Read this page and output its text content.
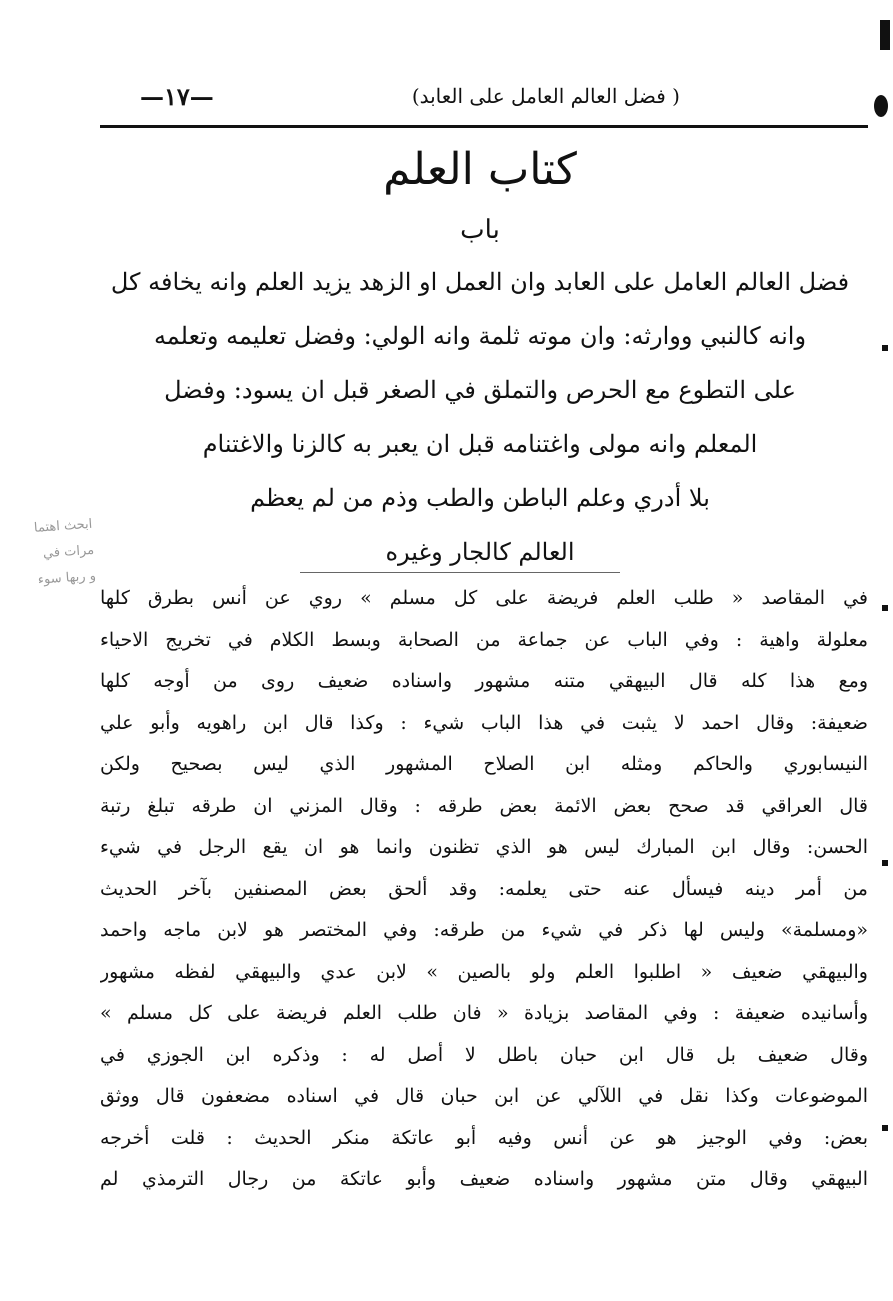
( فضل العالم العامل على العابد)
—١٧—
كتاب العلم
باب
فضل العالم العامل على العابد وان العمل او الزهد يزيد العلم وانه يخافه كل
وانه كالنبي ووارثه: وان موته ثلمة وانه الولي: وفضل تعليمه وتعلمه
على التطوع مع الحرص والتملق في الصغر قبل ان يسود: وفضل
المعلم وانه مولى واغتنامه قبل ان يعبر به كالزنا والاغتنام
بلا أدري وعلم الباطن والطب وذم من لم يعظم
العالم كالجار وغيره
ابحث اهتما
مرات في
و ربها سوء
في المقاصد « طلب العلم فريضة على كل مسلم » روي عن أنس بطرق كلها
معلولة واهية : وفي الباب عن جماعة من الصحابة وبسط الكلام في تخريج الاحياء
ومع هذا كله قال البيهقي متنه مشهور واسناده ضعيف روى من أوجه كلها
ضعيفة: وقال احمد لا يثبت في هذا الباب شيء : وكذا قال ابن راهويه وأبو علي
النيسابوري والحاكم ومثله ابن الصلاح المشهور الذي ليس بصحيح ولكن
قال العراقي قد صحح بعض الائمة بعض طرقه : وقال المزني ان طرقه تبلغ رتبة
الحسن: وقال ابن المبارك ليس هو الذي تظنون وانما هو ان يقع الرجل في شيء
من أمر دينه فيسأل عنه حتى يعلمه: وقد ألحق بعض المصنفين بآخر الحديث
«ومسلمة» وليس لها ذكر في شيء من طرقه: وفي المختصر هو لابن ماجه واحمد
والبيهقي ضعيف « اطلبوا العلم ولو بالصين » لابن عدي والبيهقي لفظه مشهور
وأسانيده ضعيفة : وفي المقاصد بزيادة « فان طلب العلم فريضة على كل مسلم »
وقال ضعيف بل قال ابن حبان باطل لا أصل له : وذكره ابن الجوزي في
الموضوعات وكذا نقل في اللآلي عن ابن حبان قال في اسناده مضعفون قال ووثق
بعض: وفي الوجيز هو عن أنس وفيه أبو عاتكة منكر الحديث : قلت أخرجه
البيهقي وقال متن مشهور واسناده ضعيف وأبو عاتكة من رجال الترمذي لم
